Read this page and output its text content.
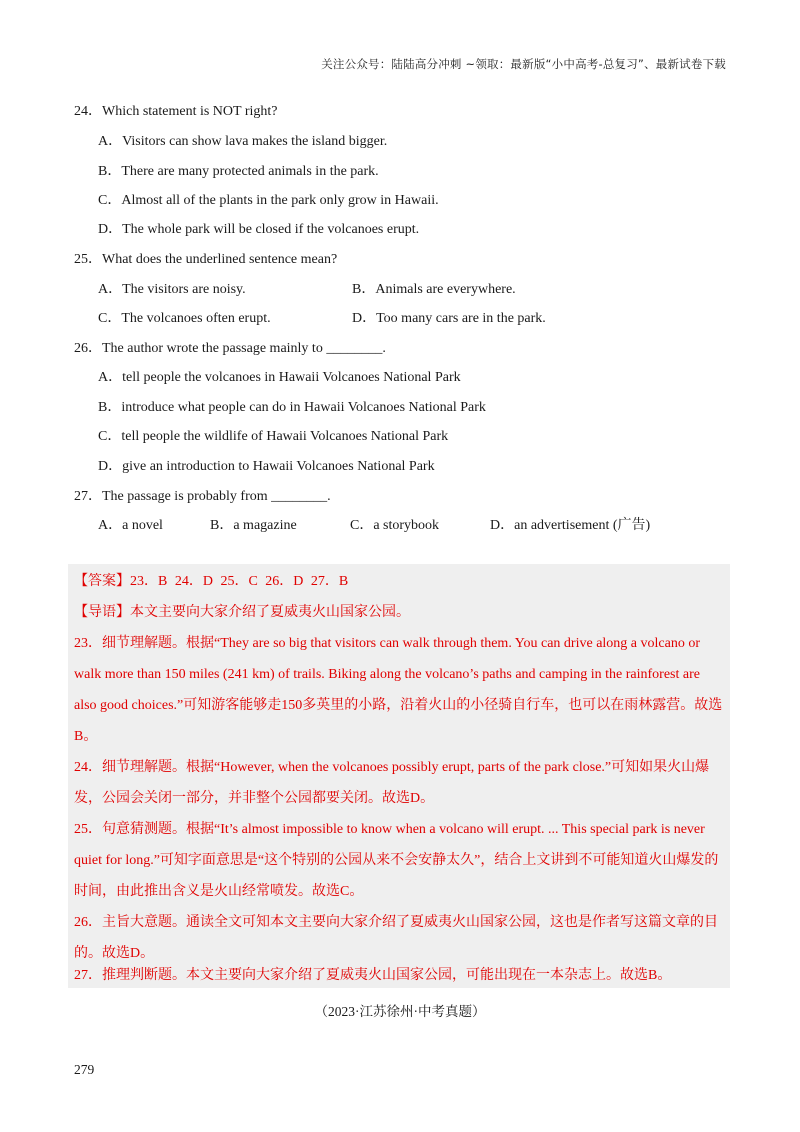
关注公众号：陆陆高分冲刺 ~领取：最新版“小中高考-总复习”、最新试卷下载
24．Which statement is NOT right?
A．Visitors can show lava makes the island bigger.
B．There are many protected animals in the park.
C．Almost all of the plants in the park only grow in Hawaii.
D．The whole park will be closed if the volcanoes erupt.
25．What does the underlined sentence mean?
A．The visitors are noisy.	B．Animals are everywhere.
C．The volcanoes often erupt.	D．Too many cars are in the park.
26．The author wrote the passage mainly to ________.
A．tell people the volcanoes in Hawaii Volcanoes National Park
B．introduce what people can do in Hawaii Volcanoes National Park
C．tell people the wildlife of Hawaii Volcanoes National Park
D．give an introduction to Hawaii Volcanoes National Park
27．The passage is probably from ________.
A．a novel	B．a magazine	C．a storybook	D．an advertisement (广告)
【答案】23．B 24．D 25．C 26．D 27．B
【导语】本文主要向大家介绍了夏威夷火山国家公园。
23．细节理解题。根据“They are so big that visitors can walk through them. You can drive along a volcano or walk more than 150 miles (241 km) of trails. Biking along the volcano’s paths and camping in the rainforest are also good choices.”可知游客能够走150多英里的小路，沿着火山的小径骑自行车，也可以在雨林露营。故选B。
24．细节理解题。根据“However, when the volcanoes possibly erupt, parts of the park close.”可知如果火山爆发，公园会关闭一部分，并非整个公园都要关闭。故选D。
25．句意猜测题。根据“It’s almost impossible to know when a volcano will erupt. ... This special park is never quiet for long.”可知字面意思是“这个特别的公园从来不会安静太久”，结合上文讲到不可能知道火山爆发的时间，由此推出含义是火山经常喷发。故选C。
26．主旨大意题。通读全文可知本文主要向大家介绍了夏威夷火山国家公园，这也是作者写这篇文章的目的。故选D。
27．推理判断题。本文主要向大家介绍了夏威夷火山国家公园，可能出现在一本杂志上。故选B。
（2023·江苏徐州·中考真题）
279
